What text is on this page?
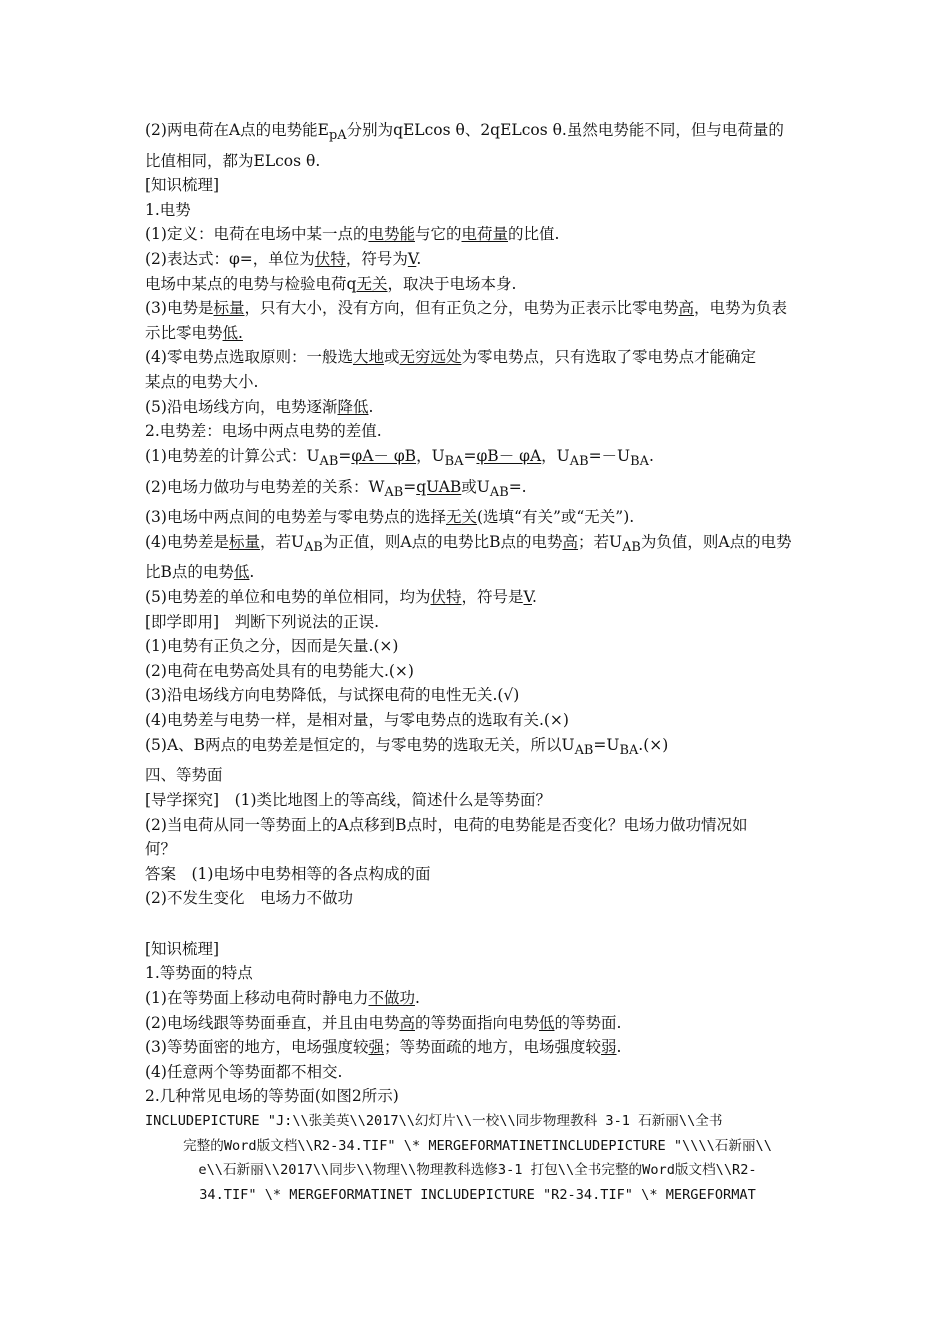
(2)两电荷在A点的电势能$E_{pA}$分别为qELcos θ、2qELcos θ.虽然电势能不同，但与电荷量的
比值相同，都为ELcos θ.
[知识梳理]
1.电势
(1)定义：电荷在电场中某一点的电势能与它的电荷量的比值.
(2)表达式：φ=，单位为伏特，符号为V.
电场中某点的电势与检验电荷q无关，取决于电场本身.
(3)电势是标量，只有大小，没有方向，但有正负之分，电势为正表示比零电势高，电势为负表
示比零电势低.
(4)零电势点选取原则：一般选大地或无穷远处为零电势点，只有选取了零电势点才能确定
某点的电势大小.
(5)沿电场线方向，电势逐渐降低.
2.电势差：电场中两点电势的差值.
(1)电势差的计算公式：$U_{AB}=\varphi A- \varphi B$，$U_{BA}=\varphi B- \varphi A$，$U_{AB}=-U_{BA}$.
(2)电场力做功与电势差的关系：$W_{AB}=qUAB$或$U_{AB}=$.
(3)电场中两点间的电势差与零电势点的选择无关(选填“有关”或“无关”).
(4)电势差是标量，若$U_{AB}$为正值，则A点的电势比B点的电势高；若$U_{AB}$为负值，则A点的电势
比B点的电势低.
(5)电势差的单位和电势的单位相同，均为伏特，符号是V.
[即学即用]　判断下列说法的正误.
(1)电势有正负之分，因而是矢量.(×)
(2)电荷在电势高处具有的电势能大.(×)
(3)沿电场线方向电势降低，与试探电荷的电性无关.(√)
(4)电势差与电势一样，是相对量，与零电势点的选取有关.(×)
(5)A、B两点的电势差是恒定的，与零电势的选取无关，所以$U_{AB}=U_{BA}.(\times)$
四、等势面
[导学探究]　(1)类比地图上的等高线，简述什么是等势面？
(2)当电荷从同一等势面上的A点移到B点时，电荷的电势能是否变化？电场力做功情况如
何？
答案　(1)电场中电势相等的各点构成的面
(2)不发生变化　电场力不做功
[知识梳理]
1.等势面的特点
(1)在等势面上移动电荷时静电力不做功.
(2)电场线跟等势面垂直，并且由电势高的等势面指向电势低的等势面.
(3)等势面密的地方，电场强度较强；等势面疏的地方，电场强度较弱.
(4)任意两个等势面都不相交.
2.几种常见电场的等势面(如图2所示)
INCLUDEPICTURE "J:\\张美英\\2017\\幻灯片\\一校\\同步物理教科 3-1 石新丽\\全书
完整的Word版文档\\R2-34.TIF" \* MERGEFORMATINETINCLUDEPICTURE "\\\\石新丽\\
e\\石新丽\\2017\\同步\\物理\\物理教科选修3-1 打包\\全书完整的Word版文档\\R2-
34.TIF" \* MERGEFORMATINET INCLUDEPICTURE "R2-34.TIF" \* MERGEFORMAT
